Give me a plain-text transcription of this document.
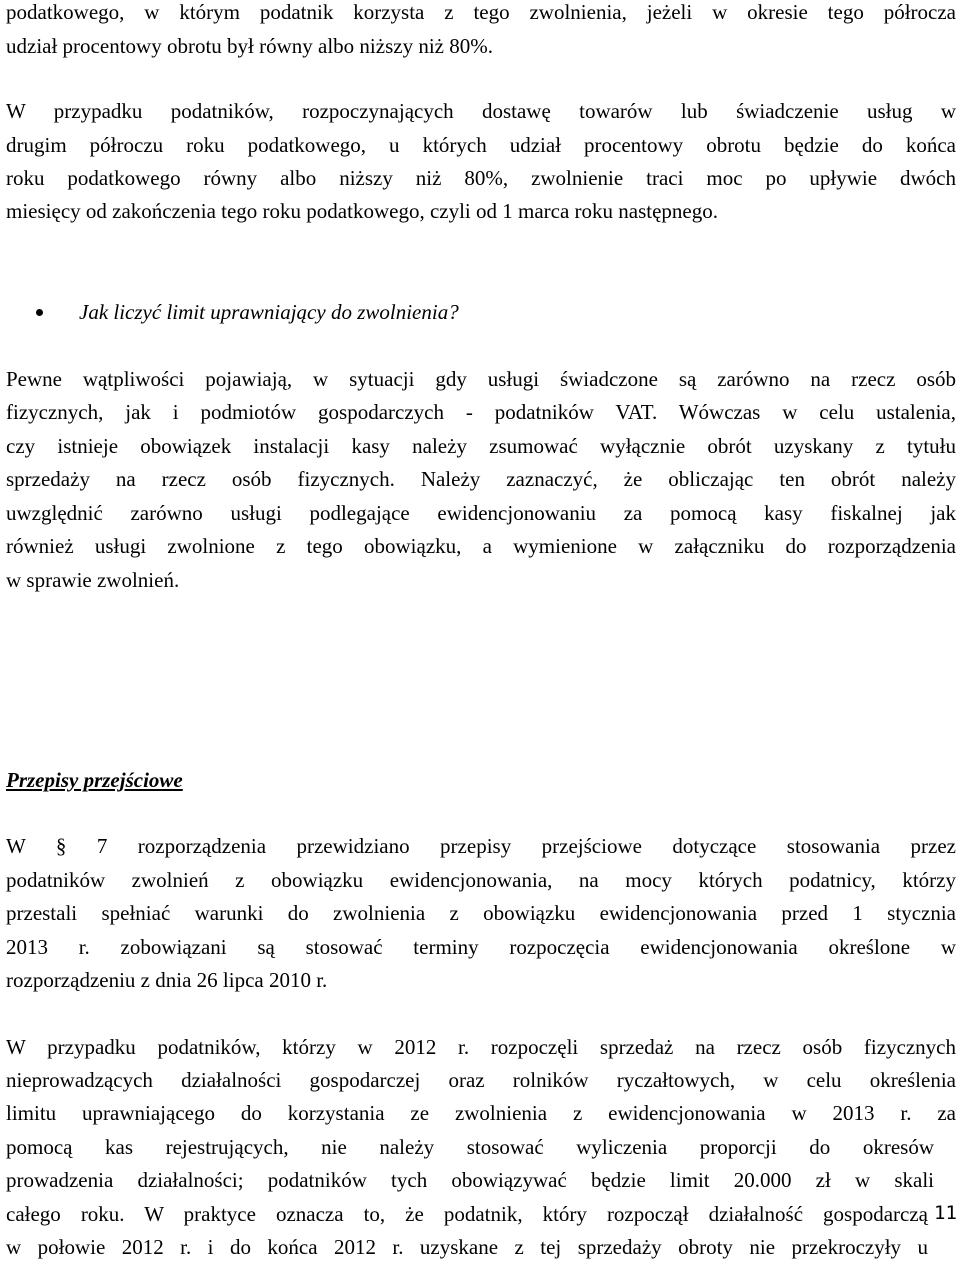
podatkowego, w którym podatnik korzysta z tego zwolnienia, jeżeli w okresie tego półrocza
udział procentowy obrotu był równy albo niższy niż 80%.
W przypadku podatników, rozpoczynających dostawę towarów lub świadczenie usług w
drugim półroczu roku podatkowego, u których udział procentowy obrotu będzie do końca
roku podatkowego równy albo niższy niż 80%, zwolnienie traci moc po upływie dwóch
miesięcy od zakończenia tego roku podatkowego, czyli od 1 marca roku następnego.
Jak liczyć limit uprawniający do zwolnienia?
Pewne wątpliwości pojawiają, w sytuacji gdy usługi świadczone są zarówno na rzecz osób
fizycznych, jak i podmiotów gospodarczych - podatników VAT. Wówczas w celu ustalenia,
czy istnieje obowiązek instalacji kasy należy zsumować wyłącznie obrót uzyskany z tytułu
sprzedaży na rzecz osób fizycznych. Należy zaznaczyć, że obliczając ten obrót należy
uwzględnić zarówno usługi podlegające ewidencjonowaniu za pomocą kasy fiskalnej jak
również usługi zwolnione z tego obowiązku, a wymienione w załączniku do rozporządzenia
w sprawie zwolnień.
Przepisy przejściowe
W § 7 rozporządzenia przewidziano przepisy przejściowe dotyczące stosowania przez
podatników zwolnień z obowiązku ewidencjonowania, na mocy których podatnicy, którzy
przestali spełniać warunki do zwolnienia z obowiązku ewidencjonowania przed 1 stycznia
2013 r. zobowiązani są stosować terminy rozpoczęcia ewidencjonowania określone w
rozporządzeniu z dnia 26 lipca 2010 r.
W przypadku podatników, którzy w 2012 r. rozpoczęli sprzedaż na rzecz osób fizycznych
nieprowadzących działalności gospodarczej oraz rolników ryczałtowych, w celu określenia
limitu uprawniającego do korzystania ze zwolnienia z ewidencjonowania w 2013 r. za
pomocą kas rejestrujących, nie należy stosować wyliczenia proporcji do okresów
prowadzenia działalności; podatników tych obowiązywać będzie limit 20.000 zł w skali
całego roku. W praktyce oznacza to, że podatnik, który rozpoczął działalność gospodarczą
w połowie 2012 r. i do końca 2012 r. uzyskane z tej sprzedaży obroty nie przekroczyły u
11
